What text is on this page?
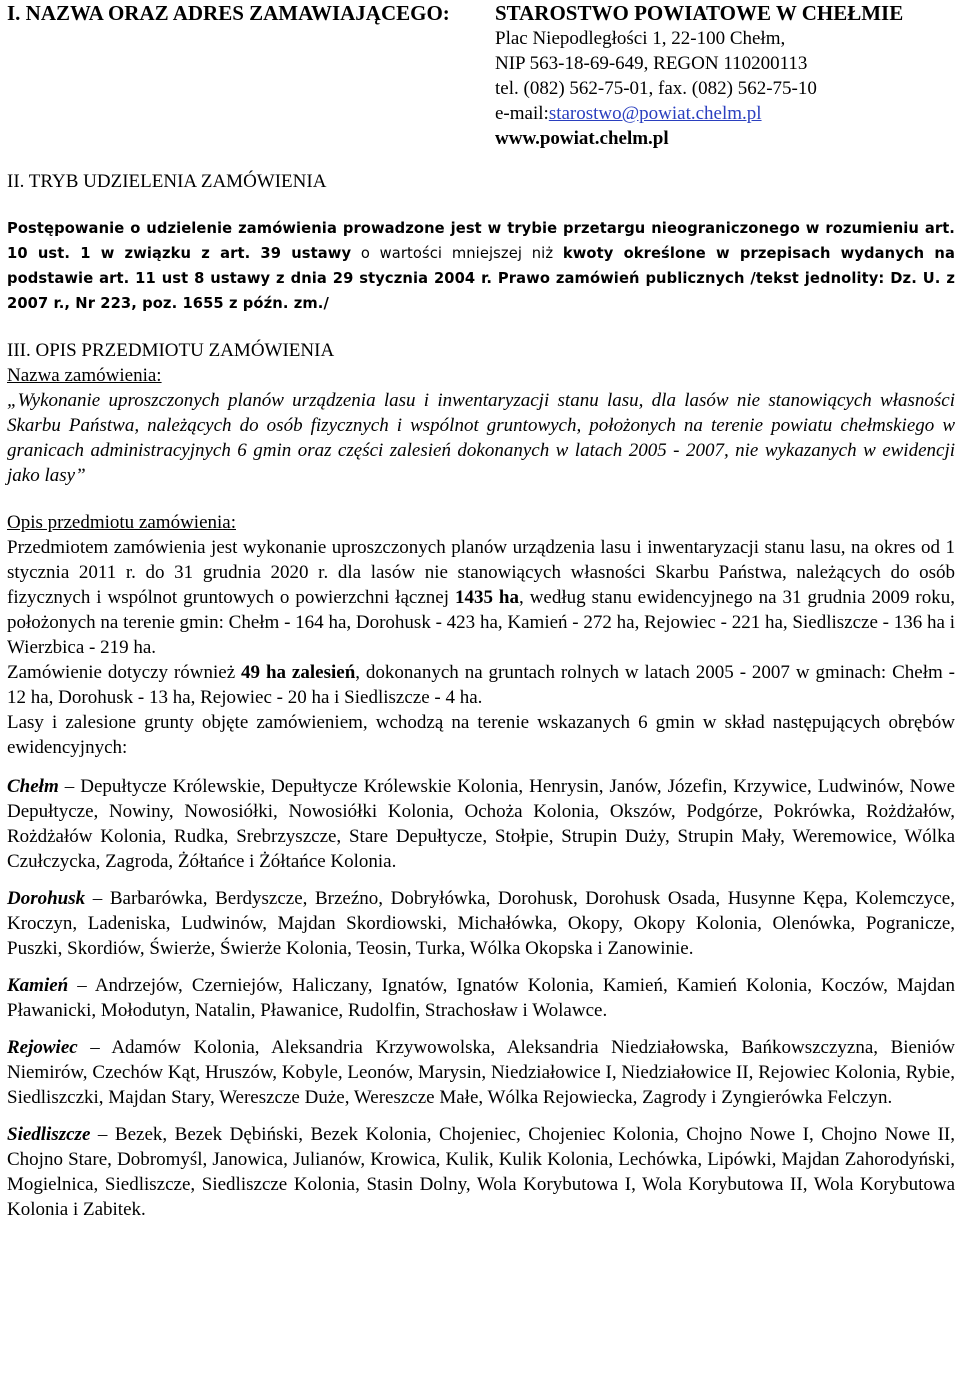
I. NAZWA ORAZ ADRES ZAMAWIAJĄCEGO: STAROSTWO POWIATOWE W CHEŁMIE
Plac Niepodległości 1, 22-100 Chełm,
NIP 563-18-69-649, REGON 110200113
tel. (082) 562-75-01, fax. (082) 562-75-10
e-mail:starostwo@powiat.chelm.pl
www.powiat.chelm.pl
II. TRYB UDZIELENIA ZAMÓWIENIA

Postępowanie o udzielenie zamówienia prowadzone jest w trybie przetargu nieograniczonego w rozumieniu art. 10 ust. 1 w związku z art. 39 ustawy o wartości mniejszej niż kwoty określone w przepisach wydanych na podstawie art. 11 ust 8 ustawy z dnia 29 stycznia 2004 r. Prawo zamówień publicznych /tekst jednolity: Dz. U. z 2007 r., Nr 223, poz. 1655 z późn. zm./

III. OPIS PRZEDMIOTU ZAMÓWIENIA
Nazwa zamówienia:

„Wykonanie uproszczonych planów urządzenia lasu i inwentaryzacji stanu lasu, dla lasów nie stanowiących własności Skarbu Państwa, należących do osób fizycznych i wspólnot gruntowych, położonych na terenie powiatu chełmskiego w granicach administracyjnych 6 gmin oraz części zalesień dokonanych w latach 2005 - 2007, nie wykazanych w ewidencji jako lasy”

Opis przedmiotu zamówienia:

Przedmiotem zamówienia jest wykonanie uproszczonych planów urządzenia lasu i inwentaryzacji stanu lasu, na okres od 1 stycznia 2011 r. do 31 grudnia 2020 r. dla lasów nie stanowiących własności Skarbu Państwa, należących do osób fizycznych i wspólnot gruntowych o powierzchni łącznej 1435 ha, według stanu ewidencyjnego na 31 grudnia 2009 roku, położonych na terenie gmin: Chełm - 164 ha, Dorohusk - 423 ha, Kamień - 272 ha, Rejowiec - 221 ha, Siedliszcze - 136 ha i Wierzbica - 219 ha.

Zamówienie dotyczy również 49 ha zalesień, dokonanych na gruntach rolnych w latach 2005 - 2007 w gminach: Chełm - 12 ha, Dorohusk - 13 ha, Rejowiec - 20 ha i Siedliszcze - 4 ha.

Lasy i zalesione grunty objęte zamówieniem, wchodzą na terenie wskazanych 6 gmin w skład następujących obrębów ewidencyjnych:

Chełm – Depułtycze Królewskie, Depułtycze Królewskie Kolonia, Henrysin, Janów, Józefin, Krzywice, Ludwinów, Nowe Depułtycze, Nowiny, Nowosiółki, Nowosiółki Kolonia, Ochoża Kolonia, Okszów, Podgórze, Pokrówka, Rożdżałów, Rożdżałów Kolonia, Rudka, Srebrzyszcze, Stare Depułtycze, Stołpie, Strupin Duży, Strupin Mały, Weremowice, Wólka Czułczycka, Zagroda, Żółtańce i Żółtańce Kolonia.

Dorohusk – Barbarówka, Berdyszcze, Brzeźno, Dobryłówka, Dorohusk, Dorohusk Osada, Husynne Kępa, Kolemczyce, Kroczyn, Ladeniska, Ludwinów, Majdan Skordiowski, Michałówka, Okopy, Okopy Kolonia, Olenówka, Pogranicze, Puszki, Skordiów, Świerże, Świerże Kolonia, Teosin, Turka, Wólka Okopska i Zanowinie.

Kamień – Andrzejów, Czerniejów, Haliczany, Ignatów, Ignatów Kolonia, Kamień, Kamień Kolonia, Koczów, Majdan Pławanicki, Mołodutyn, Natalin, Pławanice, Rudolfin, Strachosław i Wolawce.

Rejowiec – Adamów Kolonia, Aleksandria Krzywowolska, Aleksandria Niedziałowska, Bańkowszczyzna, Bieniów Niemirów, Czechów Kąt, Hruszów, Kobyle, Leonów, Marysin, Niedziałowice I, Niedziałowice II, Rejowiec Kolonia, Rybie, Siedliszczki, Majdan Stary, Wereszcze Duże, Wereszcze Małe, Wólka Rejowiecka, Zagrody i Zyngierówka Felczyn.

Siedliszcze – Bezek, Bezek Dębiński, Bezek Kolonia, Chojeniec, Chojeniec Kolonia, Chojno Nowe I, Chojno Nowe II, Chojno Stare, Dobromyśl, Janowica, Julianów, Krowica, Kulik, Kulik Kolonia, Lechówka, Lipówki, Majdan Zahorodyński, Mogielnica, Siedliszcze, Siedliszcze Kolonia, Stasin Dolny, Wola Korybutowa I, Wola Korybutowa II, Wola Korybutowa Kolonia i Zabitek.
